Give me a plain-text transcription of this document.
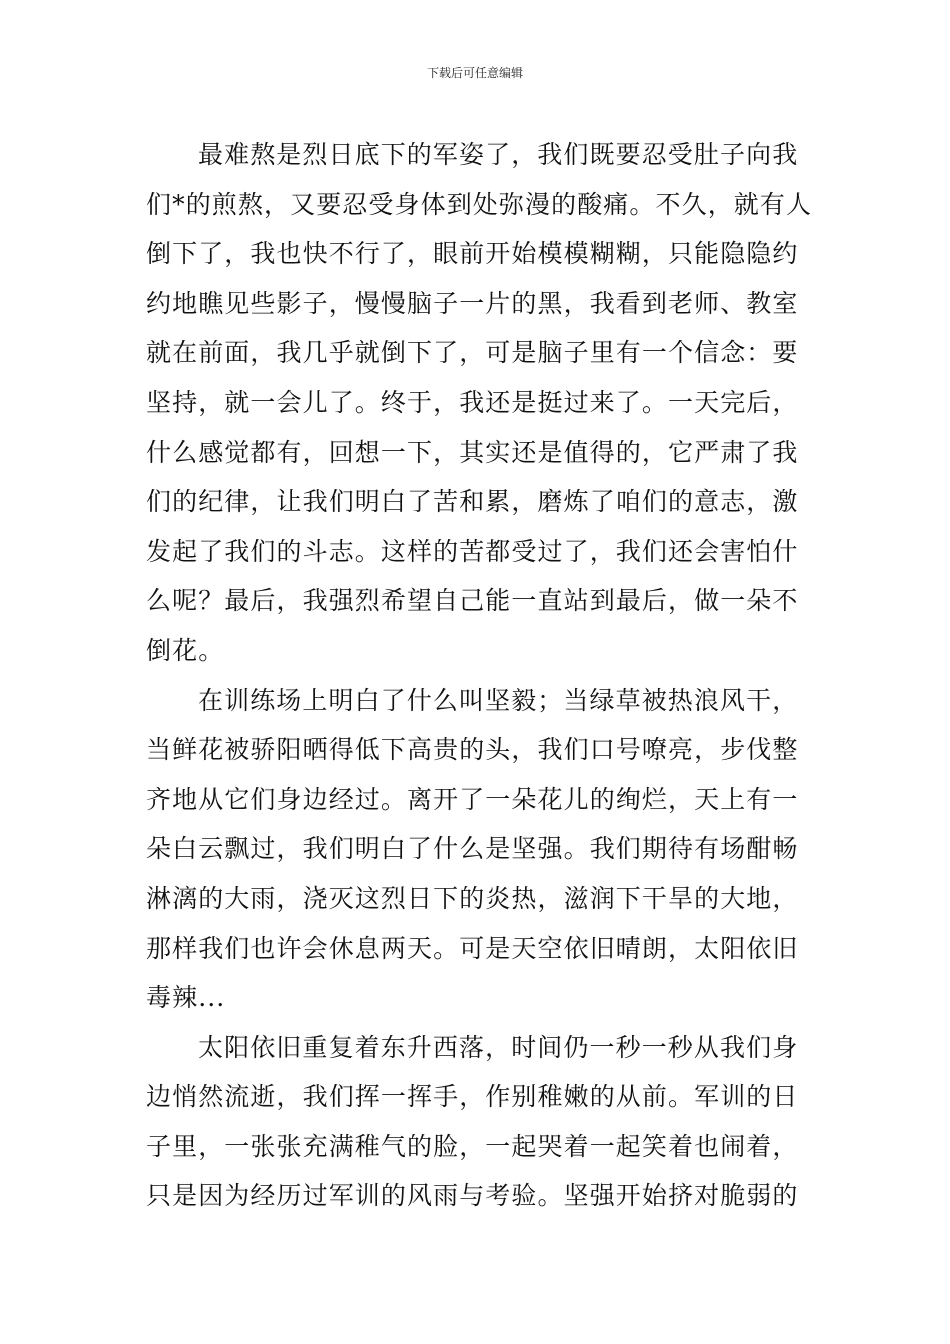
下载后可任意编辑
最难熬是烈日底下的军姿了，我们既要忍受肚子向我
们*的煎熬，又要忍受身体到处弥漫的酸痛。不久，就有人
倒下了，我也快不行了，眼前开始模模糊糊，只能隐隐约
约地瞧见些影子，慢慢脑子一片的黑，我看到老师、教室
就在前面，我几乎就倒下了，可是脑子里有一个信念：要
坚持，就一会儿了。终于，我还是挺过来了。一天完后，
什么感觉都有，回想一下，其实还是值得的，它严肃了我
们的纪律，让我们明白了苦和累，磨炼了咱们的意志，激
发起了我们的斗志。这样的苦都受过了，我们还会害怕什
么呢？最后，我强烈希望自己能一直站到最后，做一朵不
倒花。
在训练场上明白了什么叫坚毅；当绿草被热浪风干，
当鲜花被骄阳晒得低下高贵的头，我们口号嘹亮，步伐整
齐地从它们身边经过。离开了一朵花儿的绚烂，天上有一
朵白云飘过，我们明白了什么是坚强。我们期待有场酣畅
淋漓的大雨，浇灭这烈日下的炎热，滋润下干旱的大地，
那样我们也许会休息两天。可是天空依旧晴朗，太阳依旧
毒辣...
太阳依旧重复着东升西落，时间仍一秒一秒从我们身
边悄然流逝，我们挥一挥手，作别稚嫩的从前。军训的日
子里，一张张充满稚气的脸，一起哭着一起笑着也闹着，
只是因为经历过军训的风雨与考验。坚强开始挤对脆弱的
